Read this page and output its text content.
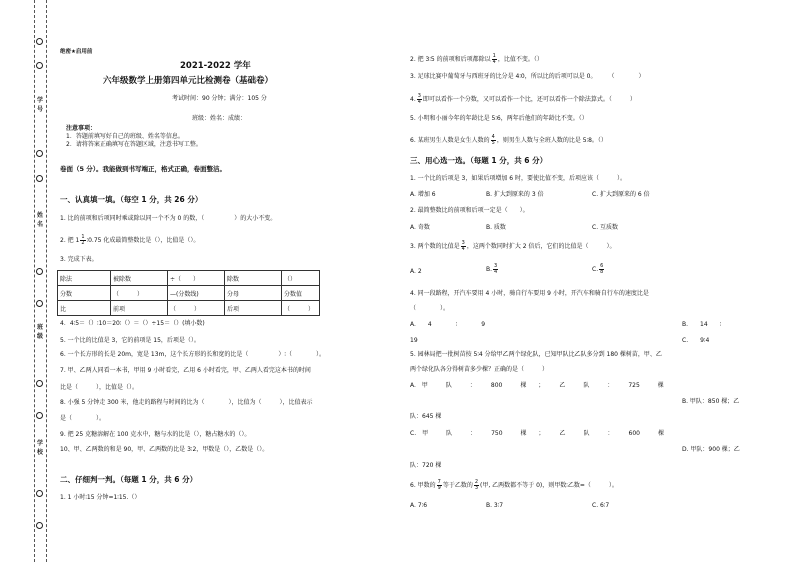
学号
姓名
班级
学校
绝密★启用前
2021-2022 学年
六年级数学上册第四单元比检测卷（基础卷）
考试时间：90 分钟；满分：105 分
班级：姓名：成绩：
注意事项：
1．答题前填写好自己的班级、姓名等信息。
2．请将答案正确填写在答题区域，注意书写工整。
卷面（5 分）。我能做到书写端正，格式正确，卷面整洁。
一、认真填一填。（每空 1 分，共 26 分）
1. 比的前项和后项同时乘或除以同一个不为 0 的数，（　　　　　）的大小不变。
2. 把 $1 \frac{1}{2}$ ∶0.75 化成最简整数比是（），比值是（）。
3. 完成下表。
除法	被除数	÷（　　）	除数	（）
分数	（　　　）	—(分数线)	分母	分数值
比	前项	（　　　）	后项	（　　　）
4．4∶5＝（）∶10＝20∶（）＝（）÷15＝（）(填小数)
5. 一个比的比值是 3，它的前项是 15，后项是（）。
6. 一个长方形的长是 20m，宽是 13m，这个长方形的长和宽的比是（　　　　　）∶（　　　　）。
7. 甲、乙两人同看一本书，甲用 9 小时看完，乙用 6 小时看完，甲、乙两人看完这本书的时间
比是（　　　），比值是（）。
8. 小强 5 分钟走 300 米，他走的路程与时间的比为（　　　　），比值为（　　　），比值表示
是（　　　　）。
9. 把 25 克糖溶解在 100 克水中，糖与水的比是（），糖占糖水的（）。
10、甲、乙两数的和是 90，甲、乙两数的比是 3∶2，甲数是（），乙数是（）。
二、仔细判一判。（每题 1 分，共 6 分）
1. 1 小时∶15 分钟=1∶15.（）
2. 把 3∶5 的前项和后项都除以 $\frac{1}{4}$ ，比值不变。（）
3. 足球比赛中葡萄牙与西班牙的比分是 4∶0，所以比的后项可以是 0。　　　（　　　　）
4. $\frac{3}{4}$ 即可以看作一个分数，又可以看作一个比，还可以看作一个除法算式。（　　　）
5. 小明和小丽今年的年龄比是 5∶6，两年后他们的年龄比不变。（）
6. 某班男生人数是女生人数的 $\frac{4}{5}$ ，则男生人数与全班人数的比是 5∶8。（）
三、用心选一选。（每题 1 分，共 6 分）
1. 一个比的后项是 3，如果后项增加 6 时，要使比值不变，后项应该（　　　）。
A. 增加 6	B. 扩大到原来的 3 倍	C. 扩大到原来的 6 倍
2. 最简整数比的前项和后项一定是（　　）。
A. 奇数	B. 质数	C. 互质数
3. 两个数的比值是 $\frac{3}{4}$ ，这两个数同时扩大 2 倍后，它们的比值是（　　　）。
A. 2	B. $\frac{3}{4}$	C. $\frac{6}{8}$
4. 同一段路程，开汽车要用 4 小时，骑自行车要用 9 小时，开汽车和骑自行车的速度比是
（　　　　）。
A.　　4　　　　∶　　　　9	B.　　14　　∶
19	C.　　9∶4
5. 园林局把一批树苗按 5∶4 分给甲乙两个绿化队，已知甲队比乙队多分到 180 棵树苗，甲、乙
两个绿化队各分得树苗多少棵？正确的是（　　　）
A.　甲　　　队　　　：　　　800　　　棵　　；　　　乙　　　队　　　：　　　725　　　棵
B. 甲队：850 棵；乙
队：645 棵
C.　甲　　　队　　　：　　　750　　　棵　　；　　　乙　　　队　　　：　　　600　　　棵
D. 甲队：900 棵；乙
队：720 棵
6. 甲数的 $\frac{7}{9}$ 等于乙数的 $\frac{2}{3}$ (甲, 乙两数都不等于 0)，则甲数∶乙数=（　　　）。
A. 7∶6	B. 3∶7	C. 6∶7
